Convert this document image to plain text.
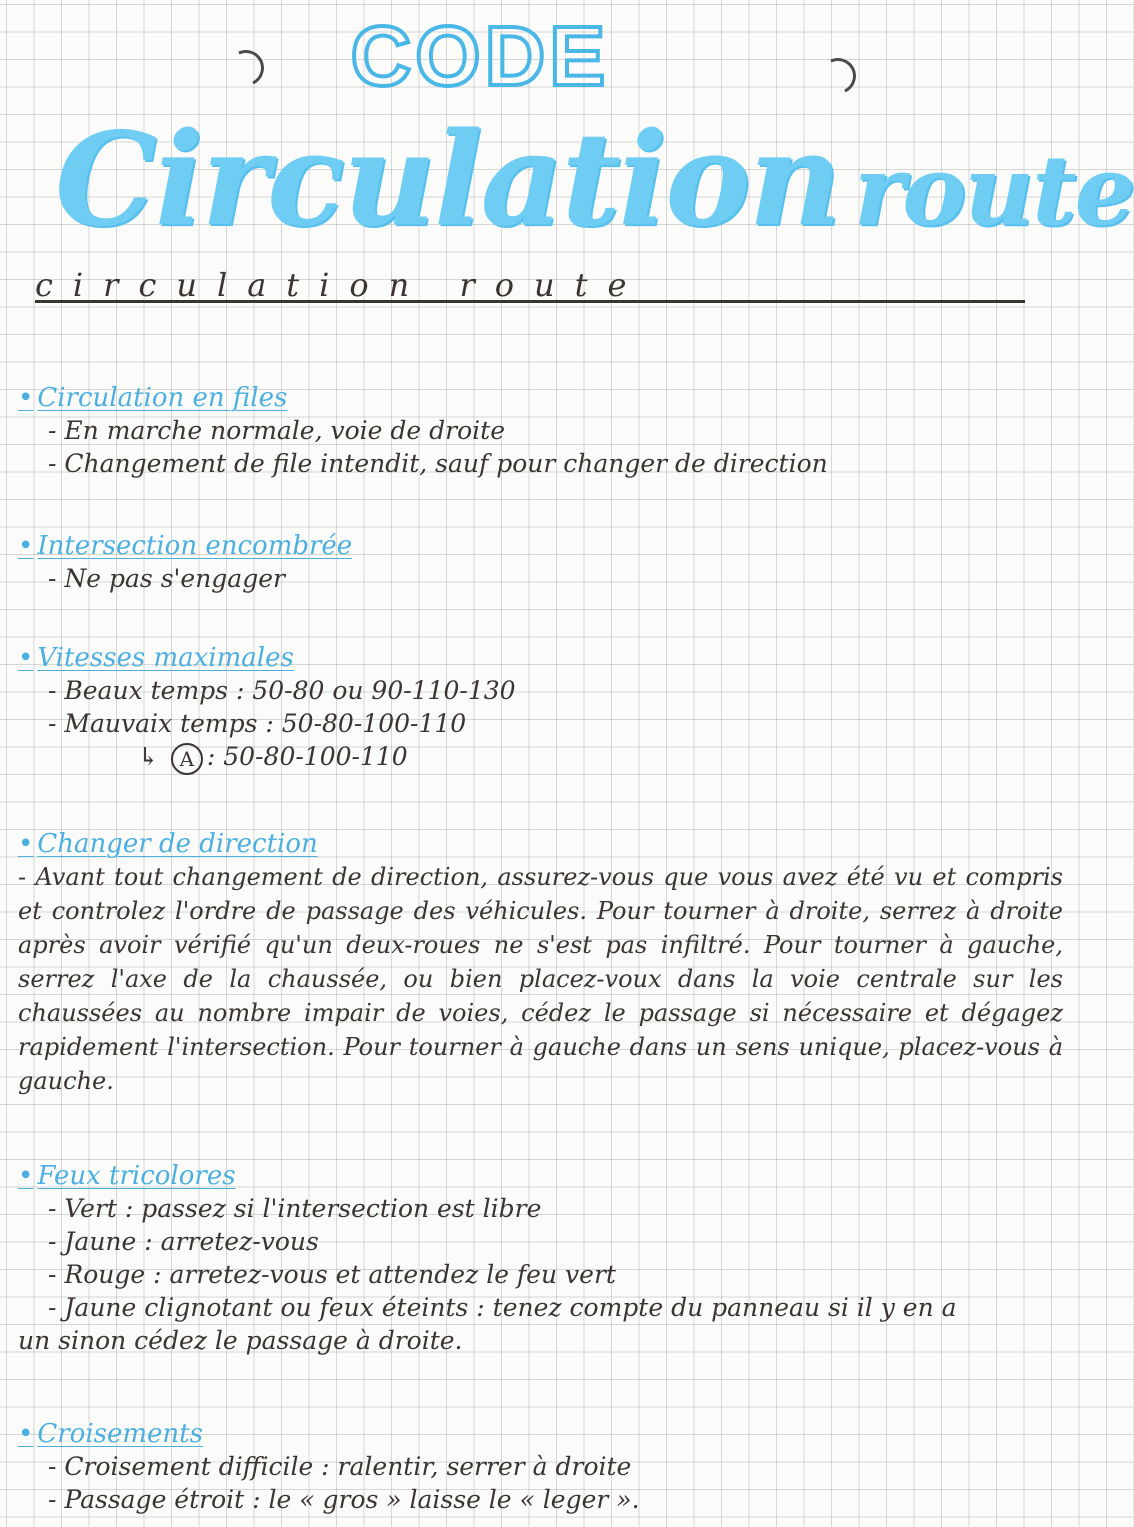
CODE
Circulation route
circulation route
• Circulation en files
- En marche normale, voie de droite
- Changement de file intendit, sauf pour changer de direction
• Intersection encombrée
- Ne pas s'engager
• Vitesses maximales
- Beaux temps : 50-80 ou 90-110-130
- Mauvaix temps : 50-80-100-110
↳ A : 50-80-100-110
• Changer de direction
- Avant tout changement de direction, assurez-vous que vous avez été vu et compris et controlez l'ordre de passage des véhicules. Pour tourner à droite, serrez à droite après avoir vérifié qu'un deux-roues ne s'est pas infiltré. Pour tourner à gauche, serrez l'axe de la chaussée, ou bien placez-voux dans la voie centrale sur les chaussées au nombre impair de voies, cédez le passage si nécessaire et dégagez rapidement l'intersection. Pour tourner à gauche dans un sens unique, placez-vous à gauche.
• Feux tricolores
- Vert : passez si l'intersection est libre
- Jaune : arretez-vous
- Rouge : arretez-vous et attendez le feu vert
- Jaune clignotant ou feux éteints : tenez compte du panneau si il y en a
un sinon cédez le passage à droite.
• Croisements
- Croisement difficile : ralentir, serrer à droite
- Passage étroit : le « gros » laisse le « leger ».
